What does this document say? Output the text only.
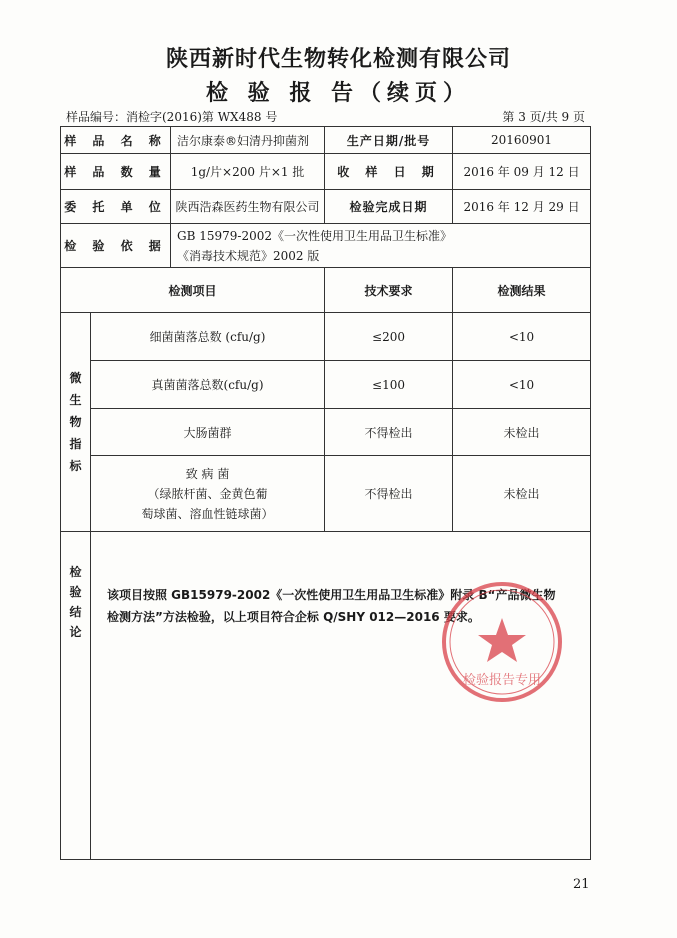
陕西新时代生物转化检测有限公司
检 验 报 告（续页）
样品编号：消检字(2016)第 WX488 号	第 3 页/共 9 页
样 品 名 称		洁尔康泰®妇清丹抑菌剂	生产日期/批号	20160901
样 品 数 量		1g/片×200 片×1 批	收 样 日 期	2016 年 09 月 12 日
委 托 单 位		陕西浩森医药生物有限公司	检验完成日期	2016 年 12 月 29 日
检 验 依 据		GB 15979-2002《一次性使用卫生用品卫生标准》
《消毒技术规范》2002 版		

检测项目			技术要求	检测结果

微
生
物
指
标	细菌菌落总数 (cfu/g)		≤200	<10
	真菌菌落总数(cfu/g)		≤100	<10
	大肠菌群		不得检出	未检出
	致 病 菌
（绿脓杆菌、金黄色葡
萄球菌、溶血性链球菌）		不得检出	未检出

检
验
结
论	该项目按照 GB15979-2002《一次性使用卫生用品卫生标准》附录 B“产品微生物检测方法”方法检验，以上项目符合企标 Q/SHY 012—2016 要求。			
检验报告专用
21
